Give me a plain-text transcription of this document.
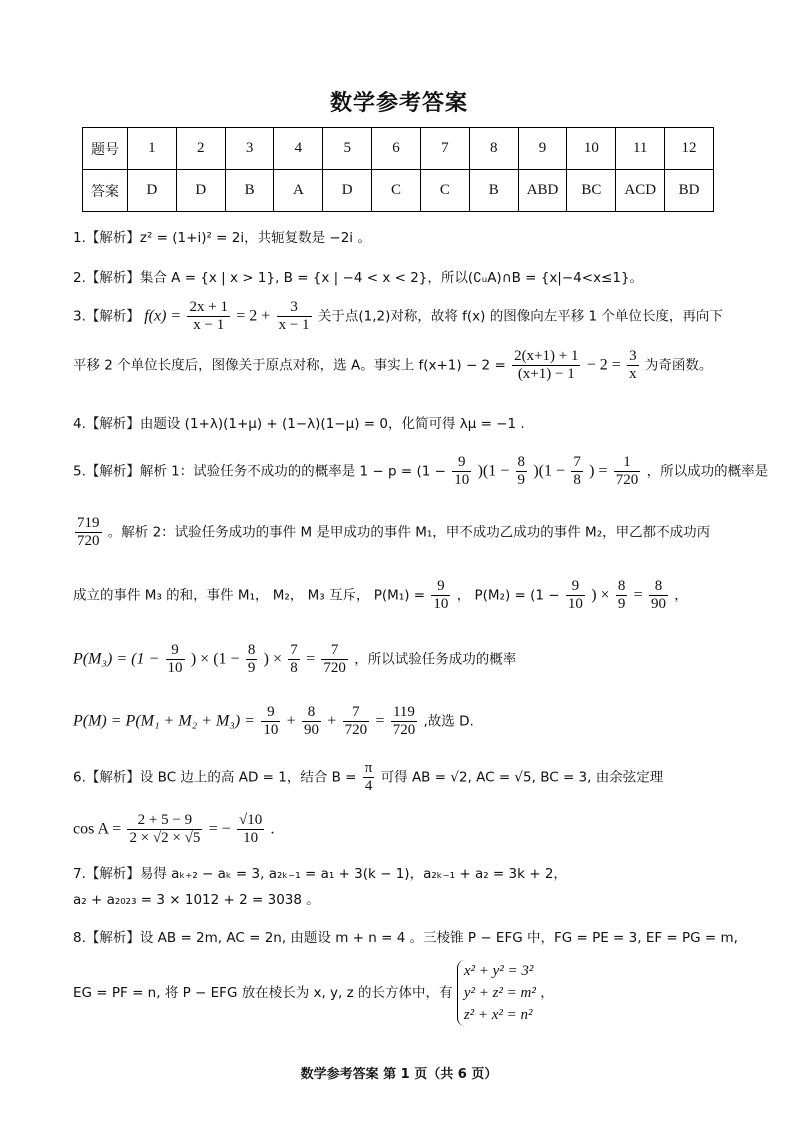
数学参考答案
题号	1	2	3	4	5	6	7	8	9	10	11	12
答案	D	D	B	A	D	C	C	B	ABD	BC	ACD	BD
1.【解析】z² = (1+i)² = 2i，共轭复数是 −2i 。
2.【解析】集合 A = {x | x > 1}, B = {x | −4 < x < 2}，所以(∁ᵤA)∩B = {x|−4<x≤1}。
3.【解析】 $f(x) = \frac{2x + 1}{x - 1} = 2 + \frac{3}{x - 1}$ 关于点(1,2)对称，故将 f(x) 的图像向左平移 1 个单位长度，再向下
平移 2 个单位长度后，图像关于原点对称，选 A。事实上 $f(x+1) - 2 = \frac{2(x+1) + 1}{(x+1) - 1} - 2 = \frac{3}{x}$ 为奇函数。
4.【解析】由题设 (1+λ)(1+μ) + (1−λ)(1−μ) = 0，化简可得 λμ = −1 .
5.【解析】解析 1：试验任务不成功的的概率是 $1 - p = (1 - \frac{9}{10} )(1 - \frac{8}{9} )(1 - \frac{7}{8}$ ) = $\frac{1}{720}$ ，所以成功的概率是
$\frac{719}{720}$ 。解析 2：试验任务成功的事件 M 是甲成功的事件 M₁，甲不成功乙成功的事件 M₂，甲乙都不成功丙
成立的事件 M₃ 的和，事件 M₁， M₂， M₃ 互斥， $P(M_1) = \frac{9}{10}$ ， $P(M_2) = (1 - \frac{9}{10}$ ) × $\frac{8}{9} = \frac{8}{90}$ ，
$P(M_3) = (1 - \frac{9}{10}$ ) × ($1 - \frac{8}{9}$ ) × $\frac{7}{8} = \frac{7}{720}$ ，所以试验任务成功的概率
$P(M) = P(M_1 + M_2 + M_3) = \frac{9}{10} + \frac{8}{90} + \frac{7}{720} = \frac{119}{720}$ ,故选 D.
6.【解析】设 BC 边上的高 AD = 1，结合 $B = \frac{\pi}{4}$ 可得 AB = √2, AC = √5, BC = 3, 由余弦定理
$\cos A = \frac{2 + 5 - 9}{2 \times √2 \times √5}$ = − $\frac{√10}{10}$ .
7.【解析】易得 aₖ₊₂ − aₖ = 3, a₂ₖ₋₁ = a₁ + 3(k − 1)，a₂ₖ₋₁ + a₂ = 3k + 2，
a₂ + a₂₀₂₃ = 3 × 1012 + 2 = 3038 。
8.【解析】设 AB = 2m, AC = 2n, 由题设 m + n = 4 。三棱锥 P − EFG 中，FG = PE = 3, EF = PG = m,
EG = PF = n, 将 P − EFG 放在棱长为 x, y, z 的长方体中，有
x² + y² = 3²
y² + z² = m²
z² + x² = n²
，
数学参考答案 第 1 页（共 6 页）
